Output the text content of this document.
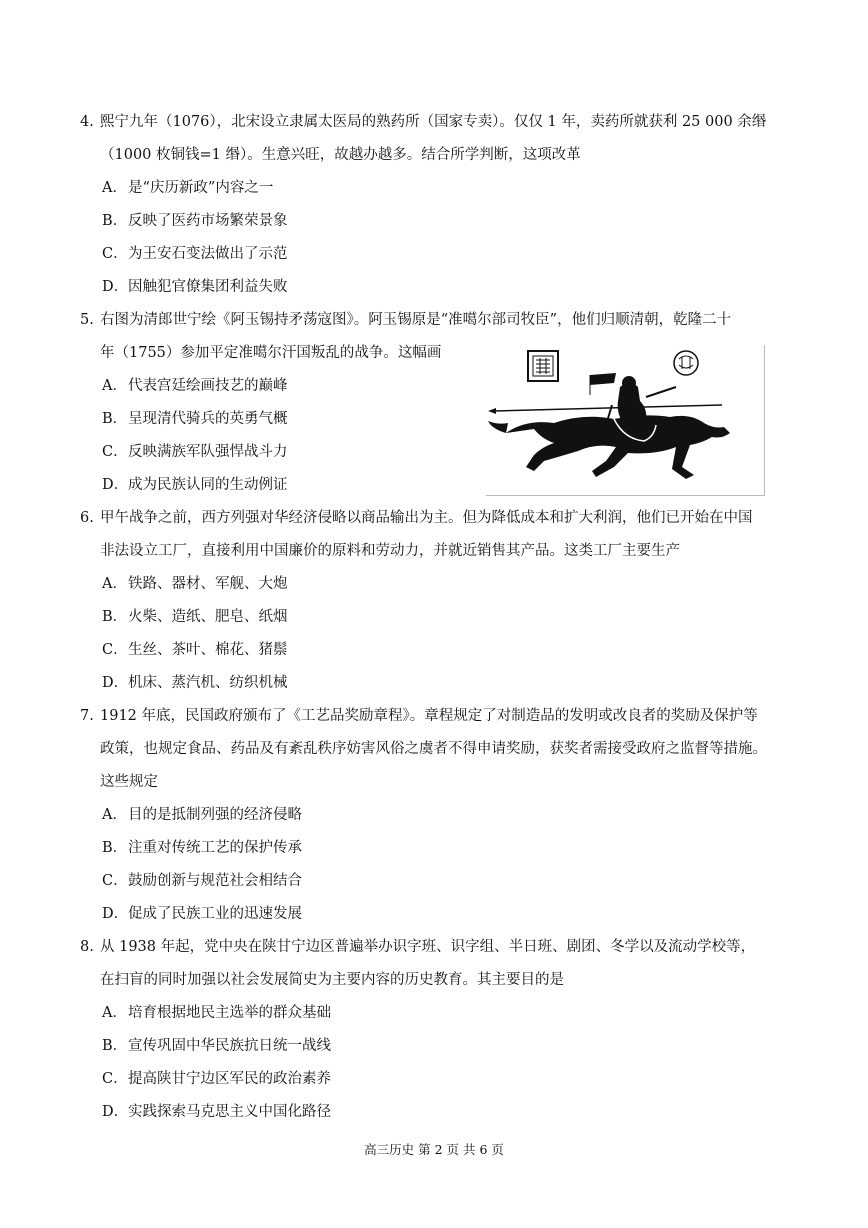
4. 熙宁九年（1076），北宋设立隶属太医局的熟药所（国家专卖）。仅仅 1 年，卖药所就获利 25 000 余缗
（1000 枚铜钱=1 缗）。生意兴旺，故越办越多。结合所学判断，这项改革
A．是“庆历新政”内容之一
B．反映了医药市场繁荣景象
C．为王安石变法做出了示范
D．因触犯官僚集团利益失败
5. 右图为清郎世宁绘《阿玉锡持矛荡寇图》。阿玉锡原是“准噶尔部司牧臣”，他们归顺清朝，乾隆二十
年（1755）参加平定准噶尔汗国叛乱的战争。这幅画
A．代表宫廷绘画技艺的巅峰
B．呈现清代骑兵的英勇气概
C．反映满族军队强悍战斗力
D．成为民族认同的生动例证
6. 甲午战争之前，西方列强对华经济侵略以商品输出为主。但为降低成本和扩大利润，他们已开始在中国
非法设立工厂，直接利用中国廉价的原料和劳动力，并就近销售其产品。这类工厂主要生产
A．铁路、器材、军舰、大炮
B．火柴、造纸、肥皂、纸烟
C．生丝、茶叶、棉花、猪鬃
D．机床、蒸汽机、纺织机械
7. 1912 年底，民国政府颁布了《工艺品奖励章程》。章程规定了对制造品的发明或改良者的奖励及保护等
政策，也规定食品、药品及有紊乱秩序妨害风俗之虞者不得申请奖励，获奖者需接受政府之监督等措施。
这些规定
A．目的是抵制列强的经济侵略
B．注重对传统工艺的保护传承
C．鼓励创新与规范社会相结合
D．促成了民族工业的迅速发展
8. 从 1938 年起，党中央在陕甘宁边区普遍举办识字班、识字组、半日班、剧团、冬学以及流动学校等，
在扫盲的同时加强以社会发展简史为主要内容的历史教育。其主要目的是
A．培育根据地民主选举的群众基础
B．宣传巩固中华民族抗日统一战线
C．提高陕甘宁边区军民的政治素养
D．实践探索马克思主义中国化路径
高三历史 第 2 页 共 6 页
